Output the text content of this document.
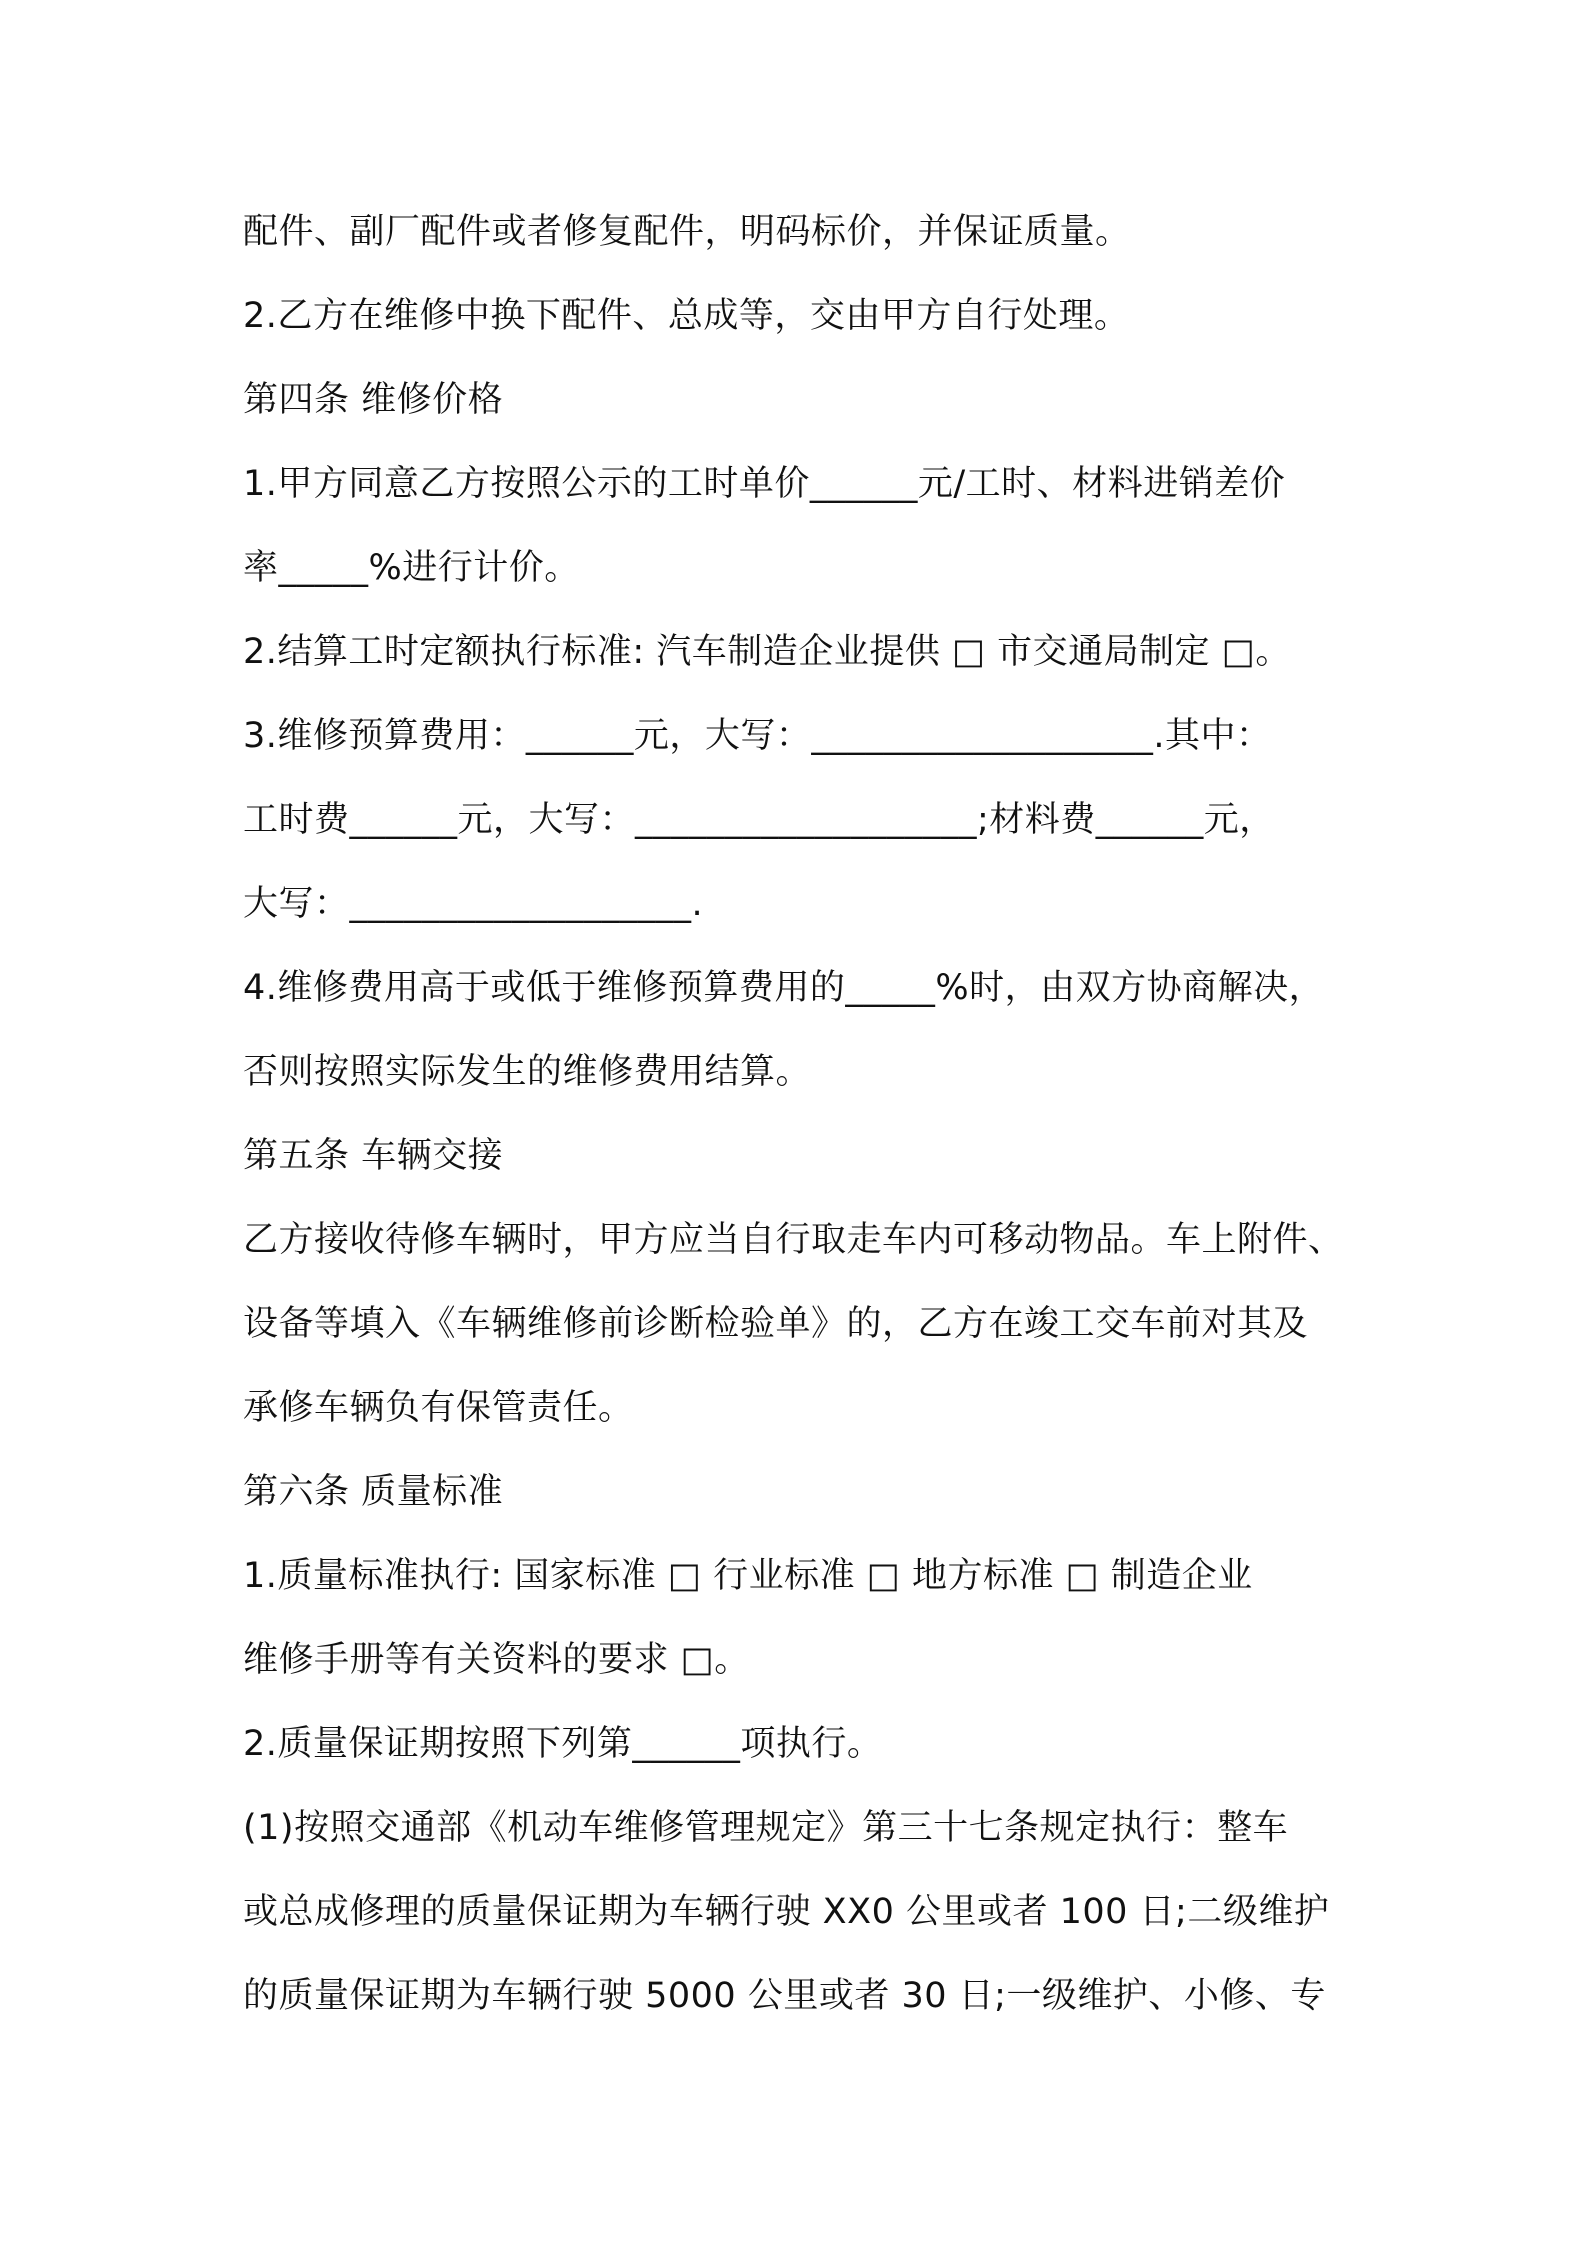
配件、副厂配件或者修复配件，明码标价，并保证质量。
2.乙方在维修中换下配件、总成等，交由甲方自行处理。
第四条 维修价格
1.甲方同意乙方按照公示的工时单价______元/工时、材料进销差价
率_____%进行计价。
2.结算工时定额执行标准: 汽车制造企业提供 □ 市交通局制定 □。
3.维修预算费用：______元，大写：___________________.其中：
工时费______元，大写：___________________;材料费______元，
大写：___________________.
4.维修费用高于或低于维修预算费用的_____%时，由双方协商解决，
否则按照实际发生的维修费用结算。
第五条 车辆交接
乙方接收待修车辆时，甲方应当自行取走车内可移动物品。车上附件、
设备等填入《车辆维修前诊断检验单》的，乙方在竣工交车前对其及
承修车辆负有保管责任。
第六条 质量标准
1.质量标准执行: 国家标准 □ 行业标准 □ 地方标准 □ 制造企业
维修手册等有关资料的要求 □。
2.质量保证期按照下列第______项执行。
(1)按照交通部《机动车维修管理规定》第三十七条规定执行：整车
或总成修理的质量保证期为车辆行驶 XX0 公里或者 100 日;二级维护
的质量保证期为车辆行驶 5000 公里或者 30 日;一级维护、小修、专
